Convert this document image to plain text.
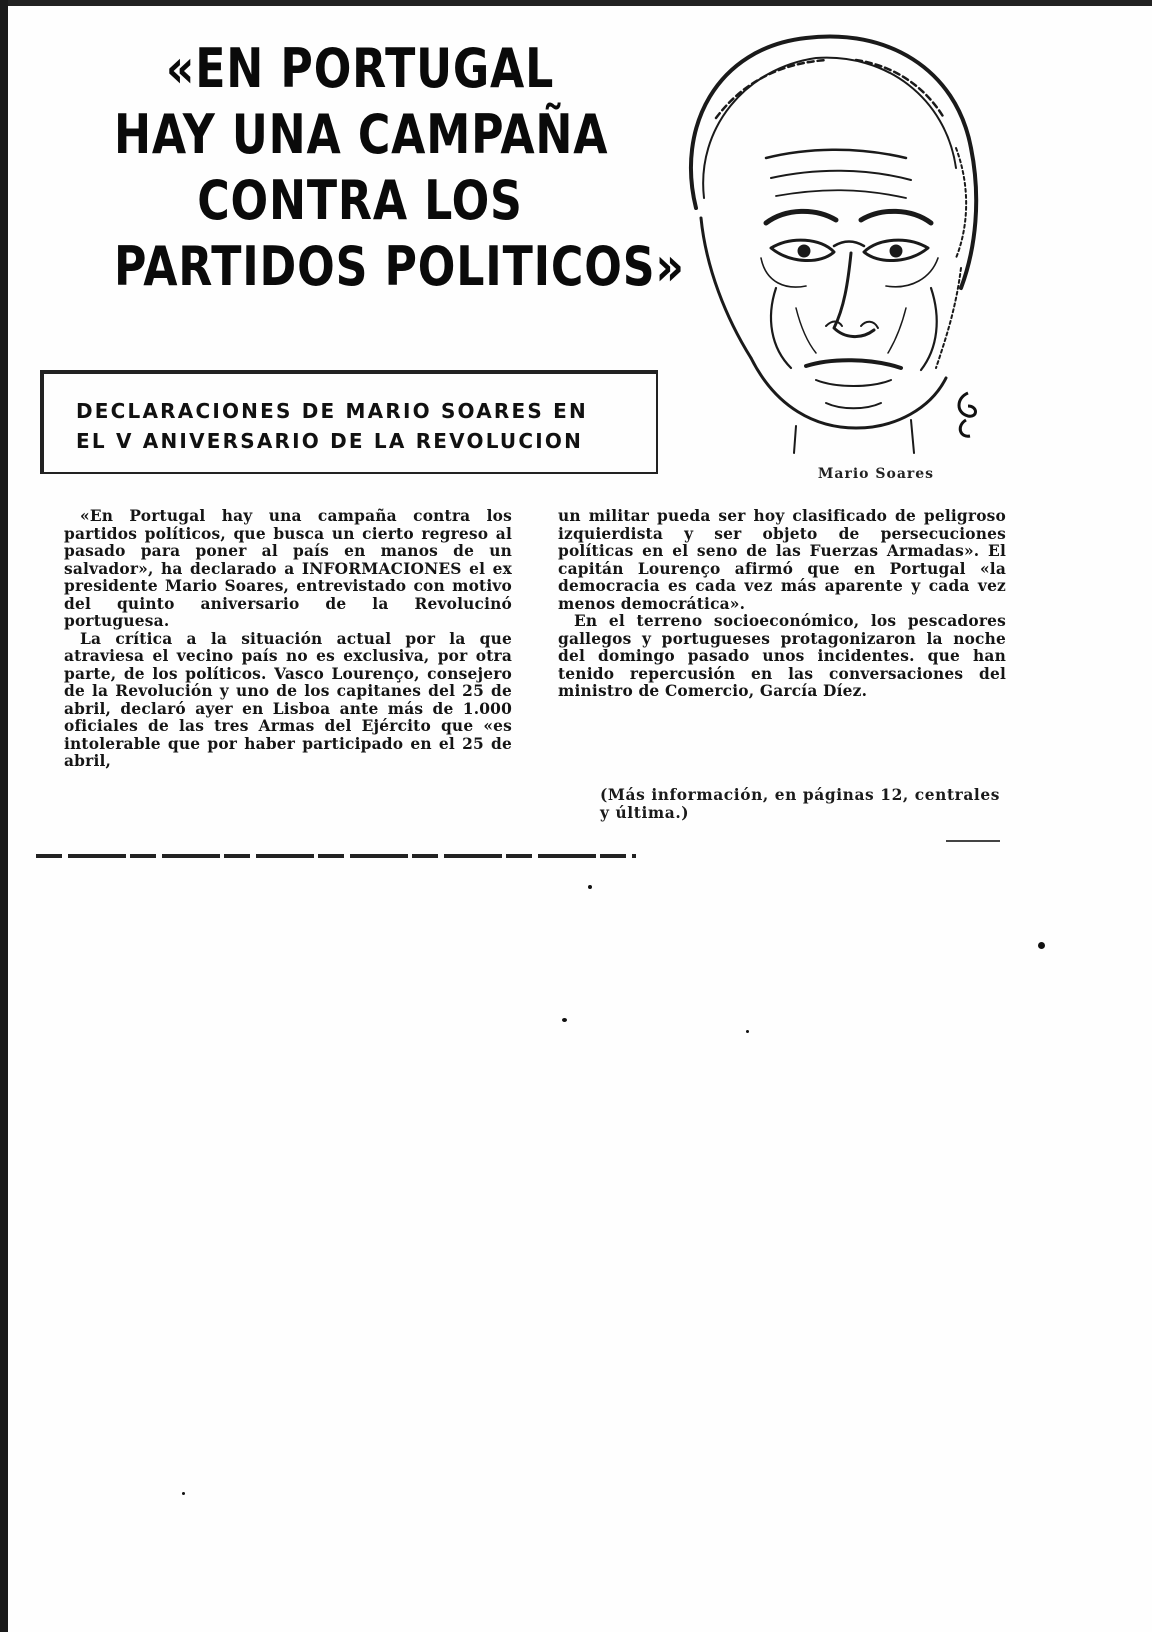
«EN PORTUGAL
HAY UNA CAMPAÑA
CONTRA LOS
PARTIDOS POLITICOS»
DECLARACIONES DE MARIO SOARES EN
EL V ANIVERSARIO DE LA REVOLUCION
Mario Soares

«En Portugal hay una campaña contra los partidos políticos, que busca un cierto regreso al pasado para poner al país en manos de un salvador», ha declarado a INFORMACIONES el ex presidente Mario Soares, entrevistado con motivo del quinto aniversario de la Revolucinó portuguesa.

La crítica a la situación actual por la que atraviesa el vecino país no es exclusiva, por otra parte, de los políticos. Vasco Lourenço, consejero de la Revolución y uno de los capitanes del 25 de abril, declaró ayer en Lisboa ante más de 1.000 oficiales de las tres Armas del Ejército que «es intolerable que por haber participado en el 25 de abril,

un militar pueda ser hoy clasificado de peligroso izquierdista y ser objeto de persecuciones políticas en el seno de las Fuerzas Armadas». El capitán Lourenço afirmó que en Portugal «la democracia es cada vez más aparente y cada vez menos democrática».

En el terreno socioeconómico, los pescadores gallegos y portugueses protagonizaron la noche del domingo pasado unos incidentes. que han tenido repercusión en las conversaciones del ministro de Comercio, García Díez.

(Más información, en páginas 12, centrales y última.)
